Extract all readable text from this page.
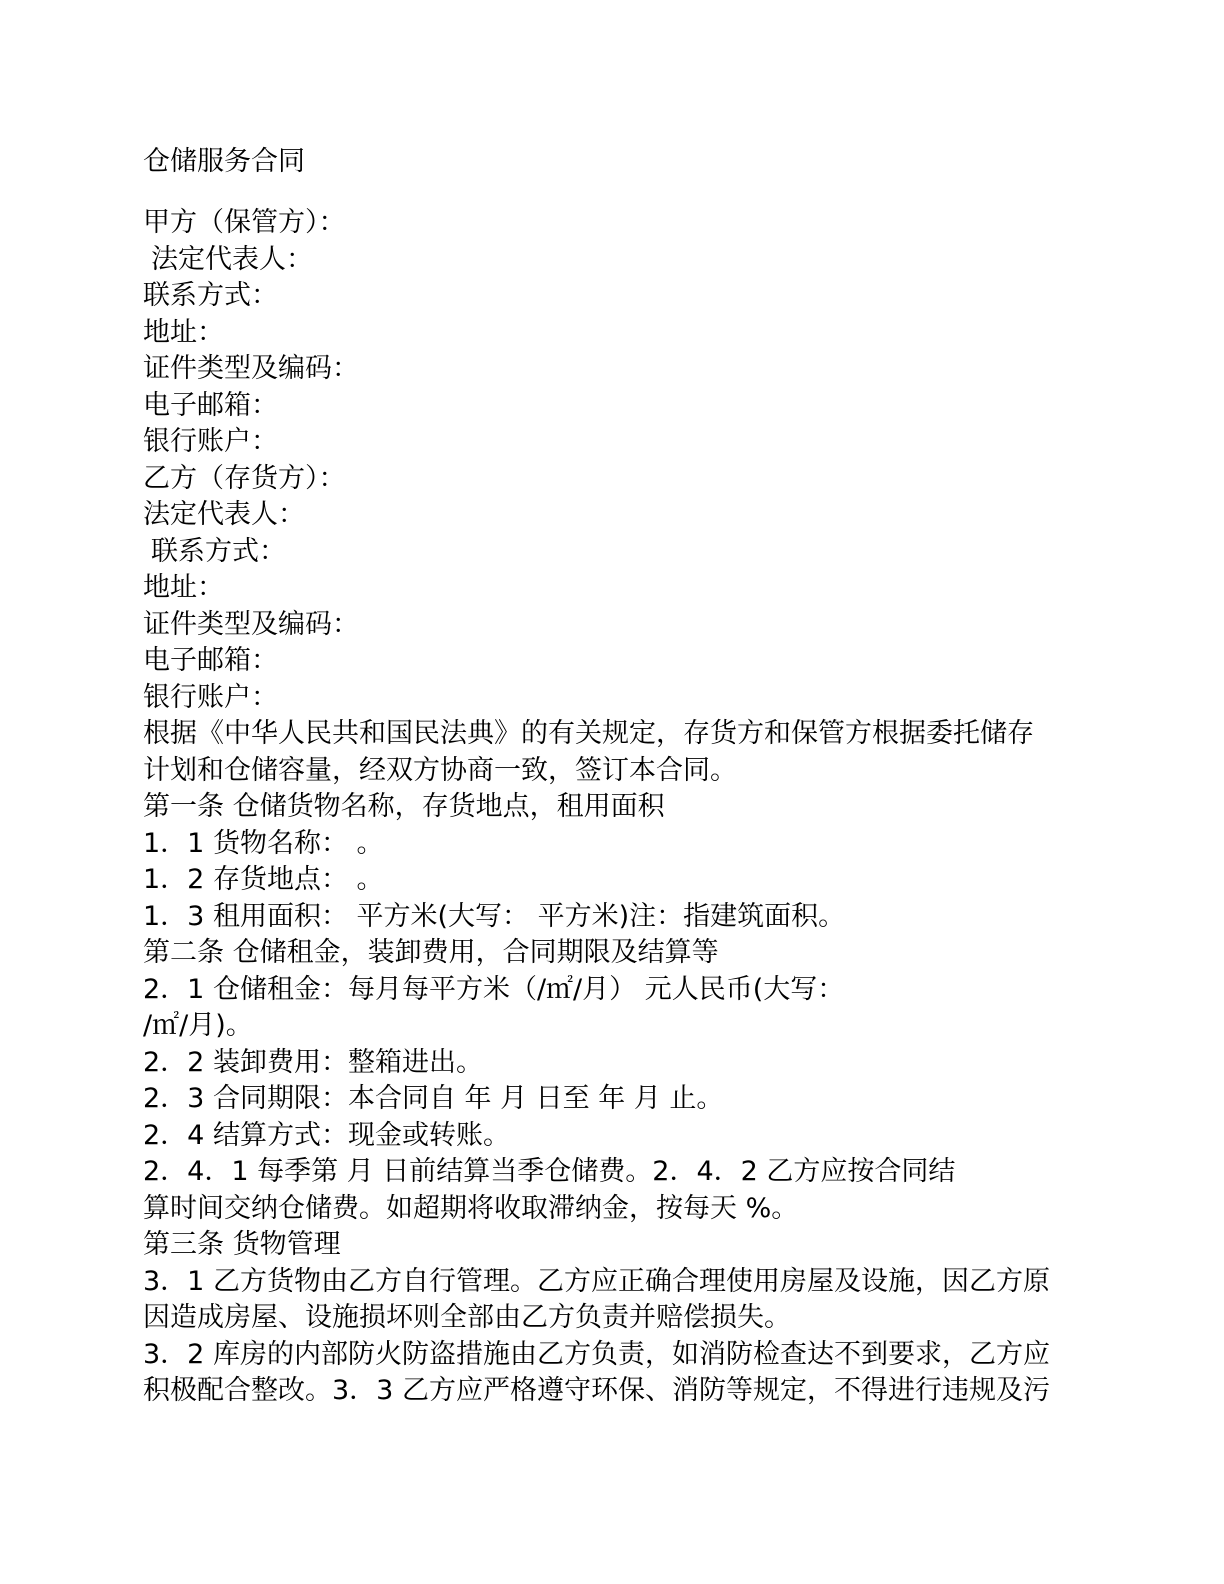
仓储服务合同
甲方（保管方）：
法定代表人：
联系方式：
地址：
证件类型及编码：
电子邮箱：
银行账户：
乙方（存货方）：
法定代表人：
联系方式：
地址：
证件类型及编码：
电子邮箱：
银行账户：
根据《中华人民共和国民法典》的有关规定，存货方和保管方根据委托储存
计划和仓储容量，经双方协商一致，签订本合同。
第一条 仓储货物名称，存货地点，租用面积
1．1 货物名称： 。
1．2 存货地点： 。
1．3 租用面积： 平方米(大写： 平方米)注：指建筑面积。
第二条 仓储租金，装卸费用，合同期限及结算等
2．1 仓储租金：每月每平方米（/㎡/月） 元人民币(大写：
/㎡/月)。
2．2 装卸费用：整箱进出。
2．3 合同期限：本合同自 年 月 日至 年 月 止。
2．4 结算方式：现金或转账。
2．4．1 每季第 月 日前结算当季仓储费。2．4．2 乙方应按合同结
算时间交纳仓储费。如超期将收取滞纳金，按每天 %。
第三条 货物管理
3．1 乙方货物由乙方自行管理。乙方应正确合理使用房屋及设施，因乙方原
因造成房屋、设施损坏则全部由乙方负责并赔偿损失。
3．2 库房的内部防火防盗措施由乙方负责，如消防检查达不到要求，乙方应
积极配合整改。3．3 乙方应严格遵守环保、消防等规定，不得进行违规及污
